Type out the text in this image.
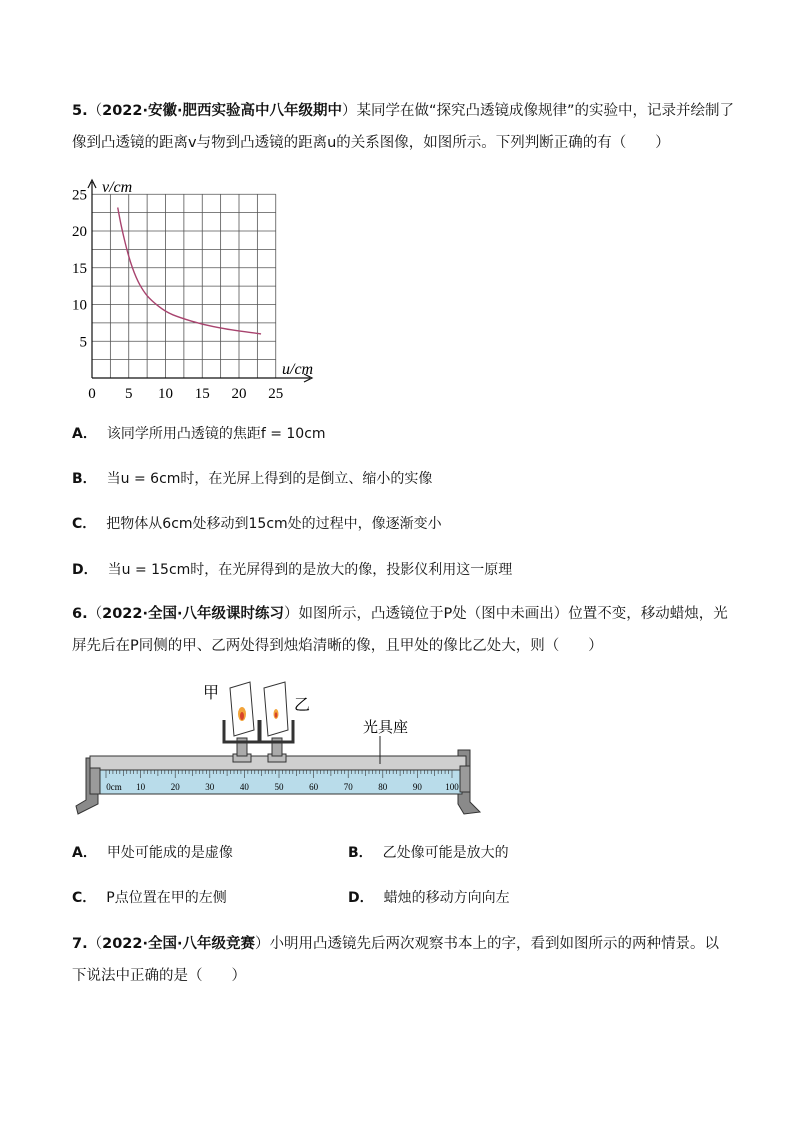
5.（2022·安徽·肥西实验高中八年级期中）某同学在做“探究凸透镜成像规律”的实验中，记录并绘制了
像到凸透镜的距离v与物到凸透镜的距离u的关系图像，如图所示。下列判断正确的有（　　）
0 5 10 15 20 25
5
10
15
20
25 v/cm
u/cm
A． 该同学所用凸透镜的焦距f = 10cm
B． 当u = 6cm时，在光屏上得到的是倒立、缩小的实像
C． 把物体从6cm处移动到15cm处的过程中，像逐渐变小
D． 当u = 15cm时，在光屏得到的是放大的像，投影仪利用这一原理
6.（2022·全国·八年级课时练习）如图所示，凸透镜位于P处（图中未画出）位置不变，移动蜡烛，光
屏先后在P同侧的甲、乙两处得到烛焰清晰的像，且甲处的像比乙处大，则（　　）
0cm 10	20	30	40	50	60	70	80	90	100
光具座
甲
乙
A． 甲处可能成的是虚像	B． 乙处像可能是放大的
C． P点位置在甲的左侧	D． 蜡烛的移动方向向左
7.（2022·全国·八年级竞赛）小明用凸透镜先后两次观察书本上的字，看到如图所示的两种情景。以
下说法中正确的是（　　）
